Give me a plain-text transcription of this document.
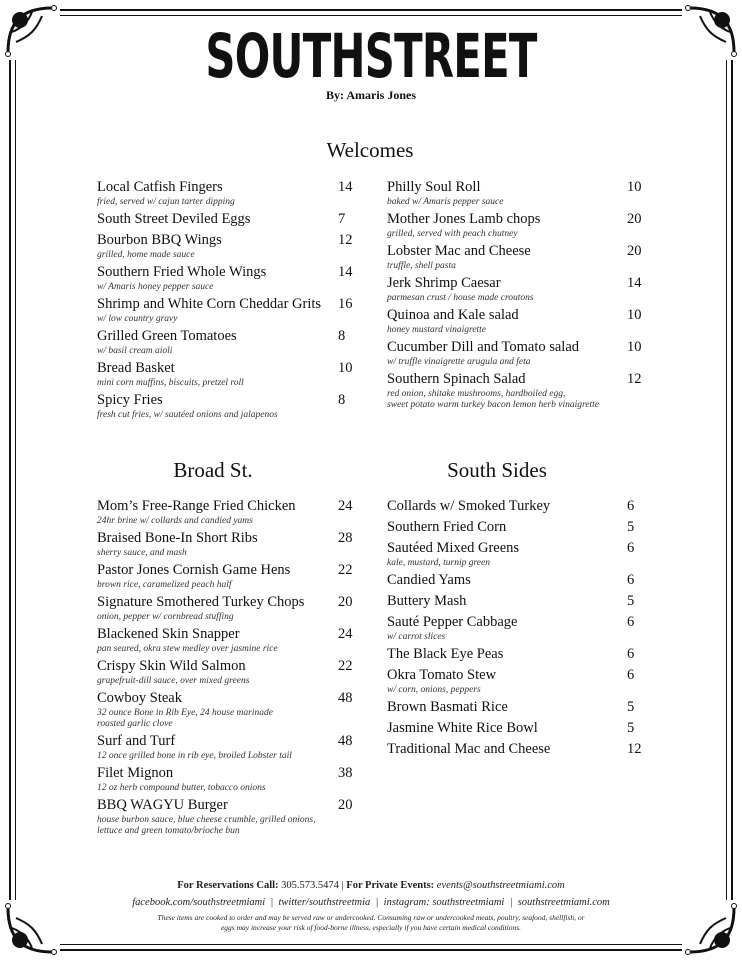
SOUTHSTREET
By: Amaris Jones
Welcomes
Local Catfish Fingers	14
fried, served w/ cajun tarter dipping
South Street Deviled Eggs	7
Bourbon BBQ Wings	12
grilled, home made sauce
Southern Fried Whole Wings	14
w/ Amaris honey pepper sauce
Shrimp and White Corn Cheddar Grits	16
w/ low country gravy
Grilled Green Tomatoes	8
w/ basil cream aioli
Bread Basket	10
mini corn muffins, biscuits, pretzel roll
Spicy Fries	8
fresh cut fries, w/ sautéed onions and jalapenos
Philly Soul Roll	10
baked w/ Amaris pepper sauce
Mother Jones Lamb chops	20
grilled, served with peach chutney
Lobster Mac and Cheese	20
truffle, shell pasta
Jerk Shrimp Caesar	14
parmesan crust / house made croutons
Quinoa and Kale salad	10
honey mustard vinaigrette
Cucumber Dill and Tomato salad	10
w/ truffle vinaigrette arugula and feta
Southern Spinach Salad	12
red onion, shitake mushrooms, hardboiled egg,
sweet potato warm turkey bacon lemon herb vinaigrette
Broad St.
Mom’s Free-Range Fried Chicken	24
24hr brine w/ collards and candied yams
Braised Bone-In Short Ribs	28
sherry sauce, and mash
Pastor Jones Cornish Game Hens	22
brown rice, caramelized peach half
Signature Smothered Turkey Chops	20
onion, pepper w/ cornbread stuffing
Blackened Skin Snapper	24
pan seared, okra stew medley over jasmine rice
Crispy Skin Wild Salmon	22
grapefruit-dill sauce, over mixed greens
Cowboy Steak	48
32 ounce Bone in Rib Eye, 24 house marinade
roasted garlic clove
Surf and Turf	48
12 once grilled bone in rib eye, broiled Lobster tail
Filet Mignon	38
12 oz herb compound butter, tobacco onions
BBQ WAGYU Burger	20
house burbon sauce, blue cheese crumble, grilled onions,
lettuce and green tomato/brioche bun
South Sides
Collards w/ Smoked Turkey	6
Southern Fried Corn	5
Sautéed Mixed Greens	6
kale, mustard, turnip green
Candied Yams	6
Buttery Mash	5
Sauté Pepper Cabbage	6
w/ carrot slices
The Black Eye Peas	6
Okra Tomato Stew	6
w/ corn, onions, peppers
Brown Basmati Rice	5
Jasmine White Rice Bowl	5
Traditional Mac and Cheese	12
For Reservations Call: 305.573.5474 | For Private Events: events@southstreetmiami.com
facebook.com/southstreetmiami  |  twitter/southstreetmia  |  instagram: southstreetmiami  |  southstreetmiami.com
These items are cooked to order and may be served raw or undercooked. Consuming raw or undercooked meats, poultry, seafood, shellfish, or eggs may increase your risk of food-borne illness, especially if you have certain medical conditions.
